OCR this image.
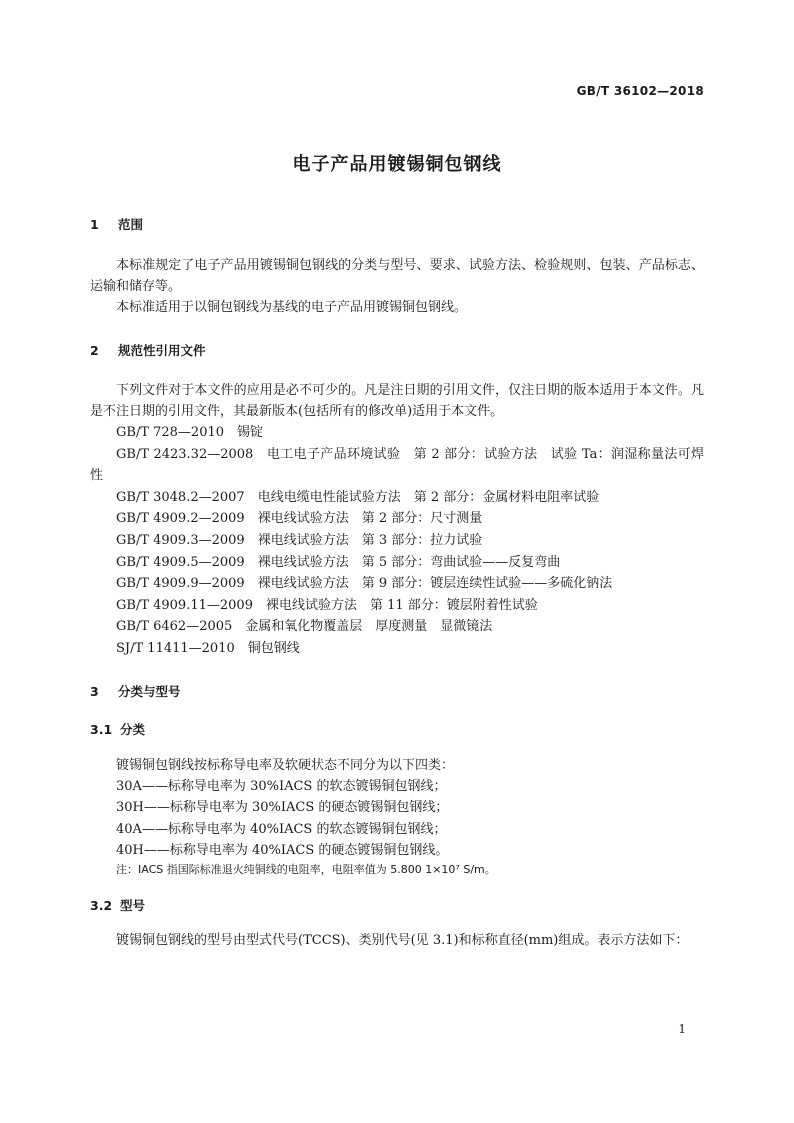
GB/T 36102—2018
电子产品用镀锡铜包钢线
1 范围

本标准规定了电子产品用镀锡铜包钢线的分类与型号、要求、试验方法、检验规则、包装、产品标志、运输和储存等。

本标准适用于以铜包钢线为基线的电子产品用镀锡铜包钢线。

2 规范性引用文件

下列文件对于本文件的应用是必不可少的。凡是注日期的引用文件，仅注日期的版本适用于本文件。凡是不注日期的引用文件，其最新版本(包括所有的修改单)适用于本文件。

GB/T 728—2010　锡锭

GB/T 2423.32—2008　电工电子产品环境试验　第 2 部分：试验方法　试验 Ta：润湿称量法可焊性

GB/T 3048.2—2007　电线电缆电性能试验方法　第 2 部分：金属材料电阻率试验

GB/T 4909.2—2009　裸电线试验方法　第 2 部分：尺寸测量

GB/T 4909.3—2009　裸电线试验方法　第 3 部分：拉力试验

GB/T 4909.5—2009　裸电线试验方法　第 5 部分：弯曲试验——反复弯曲

GB/T 4909.9—2009　裸电线试验方法　第 9 部分：镀层连续性试验——多硫化钠法

GB/T 4909.11—2009　裸电线试验方法　第 11 部分：镀层附着性试验

GB/T 6462—2005　金属和氧化物覆盖层　厚度测量　显微镜法

SJ/T 11411—2010　铜包钢线

3 分类与型号
3.1 分类

镀锡铜包钢线按标称导电率及软硬状态不同分为以下四类：

30A——标称导电率为 30%IACS 的软态镀锡铜包钢线；

30H——标称导电率为 30%IACS 的硬态镀锡铜包钢线；

40A——标称导电率为 40%IACS 的软态镀锡铜包钢线；

40H——标称导电率为 40%IACS 的硬态镀锡铜包钢线。

注：IACS 指国际标准退火纯铜线的电阻率，电阻率值为 5.800 1×10⁷ S/m。

3.2 型号

镀锡铜包钢线的型号由型式代号(TCCS)、类别代号(见 3.1)和标称直径(mm)组成。表示方法如下：

1
